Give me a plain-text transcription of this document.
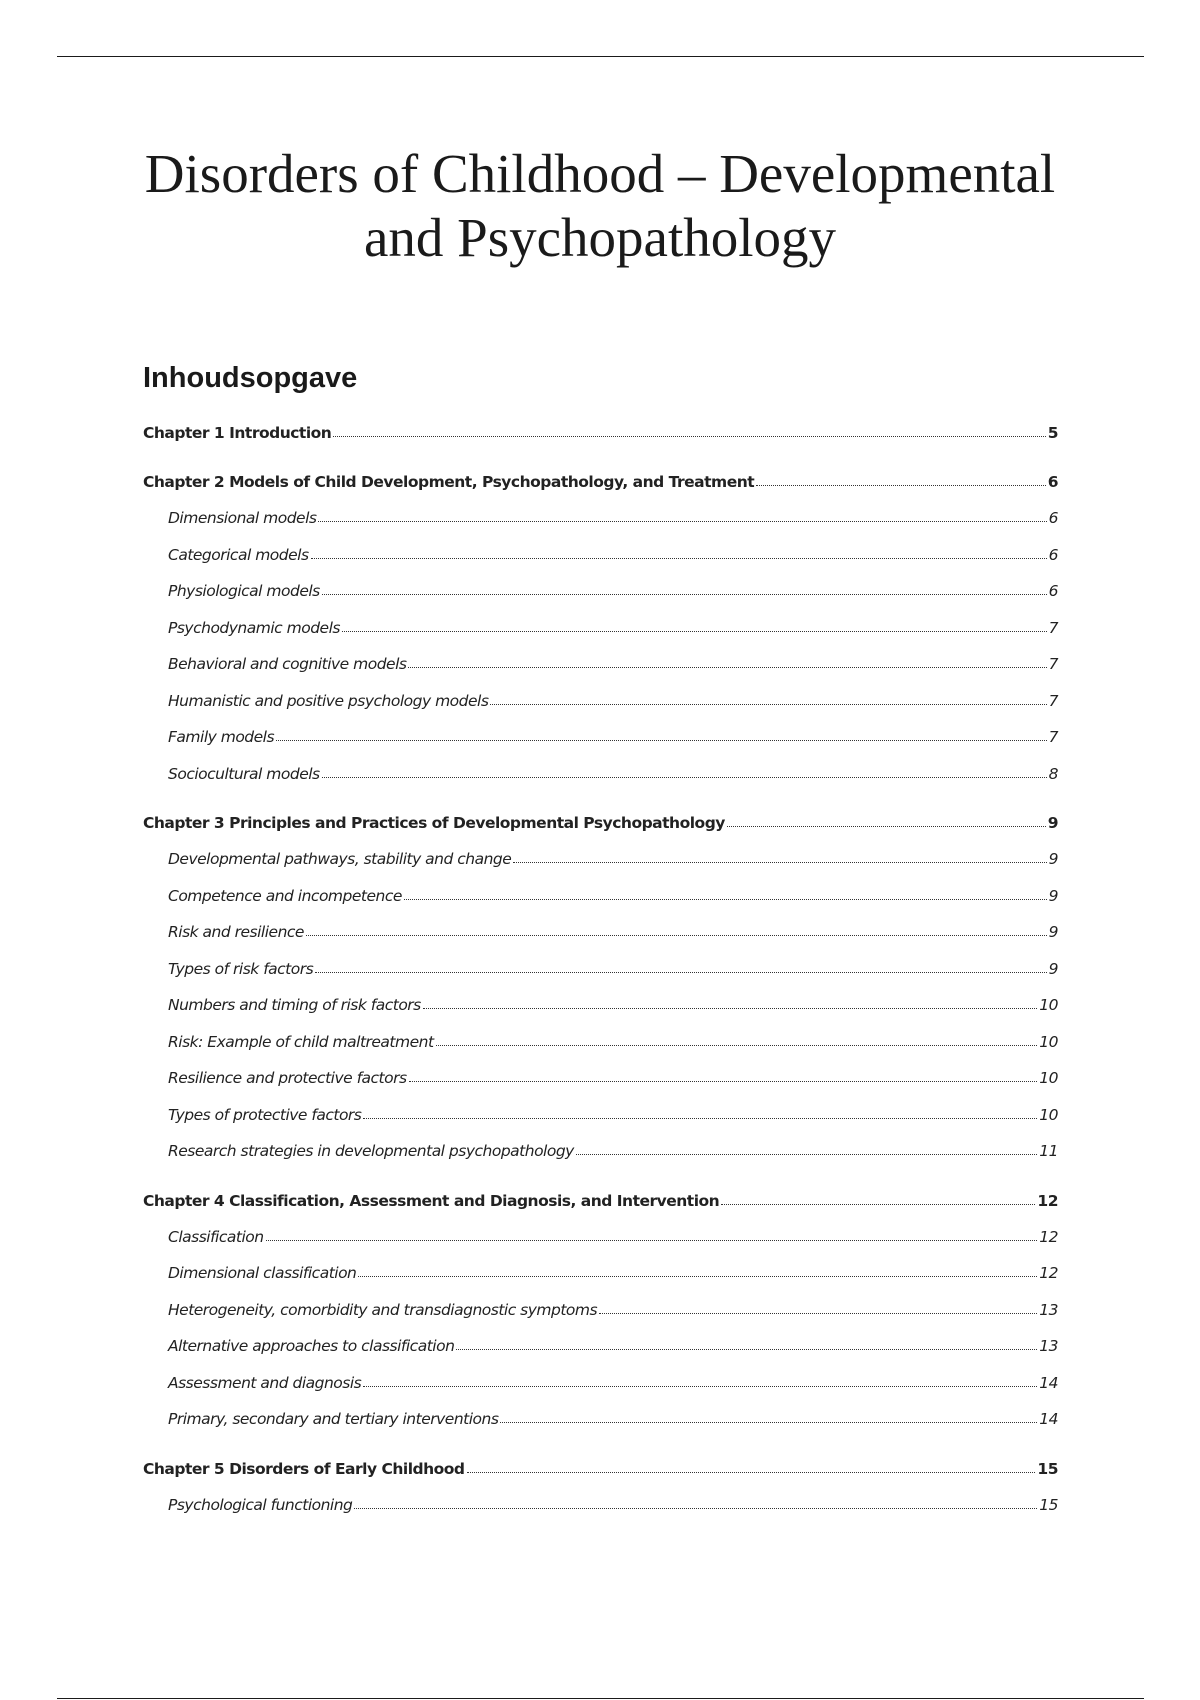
Disorders of Childhood – Developmental
and Psychopathology
Inhoudsopgave
Chapter 1 Introduction	5
Chapter 2 Models of Child Development, Psychopathology, and Treatment	6
Dimensional models	6
Categorical models	6
Physiological models	6
Psychodynamic models	7
Behavioral and cognitive models	7
Humanistic and positive psychology models	7
Family models	7
Sociocultural models	8
Chapter 3 Principles and Practices of Developmental Psychopathology	9
Developmental pathways, stability and change	9
Competence and incompetence	9
Risk and resilience	9
Types of risk factors	9
Numbers and timing of risk factors	10
Risk: Example of child maltreatment	10
Resilience and protective factors	10
Types of protective factors	10
Research strategies in developmental psychopathology	11
Chapter 4 Classification, Assessment and Diagnosis, and Intervention	12
Classification	12
Dimensional classification	12
Heterogeneity, comorbidity and transdiagnostic symptoms	13
Alternative approaches to classification	13
Assessment and diagnosis	14
Primary, secondary and tertiary interventions	14
Chapter 5 Disorders of Early Childhood	15
Psychological functioning	15
